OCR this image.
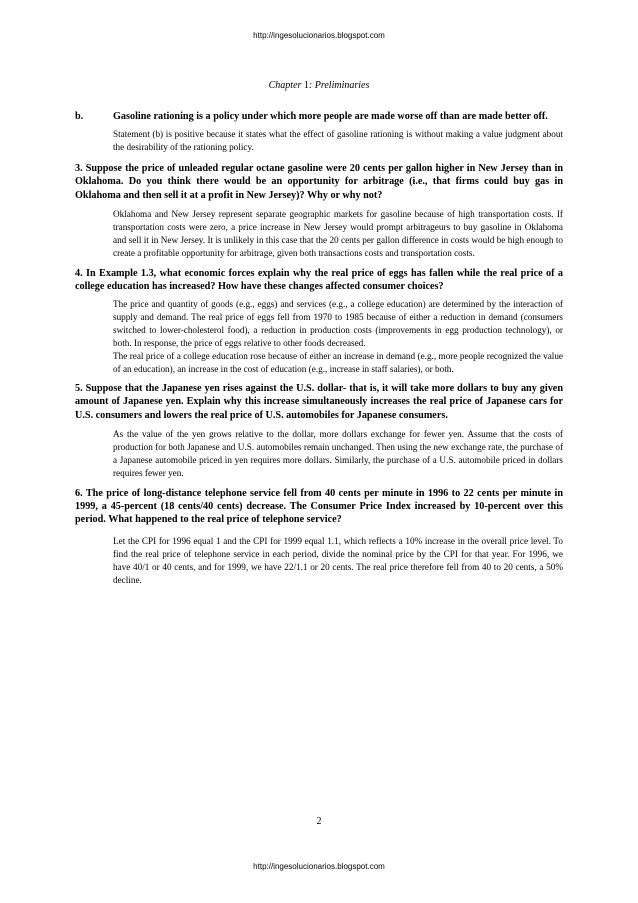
http://ingesolucionarios.blogspot.com
Chapter 1: Preliminaries
b.	Gasoline rationing is a policy under which more people are made worse off than are made better off.

Statement (b) is positive because it states what the effect of gasoline rationing is without making a value judgment about the desirability of the rationing policy.

3. Suppose the price of unleaded regular octane gasoline were 20 cents per gallon higher in New Jersey than in Oklahoma. Do you think there would be an opportunity for arbitrage (i.e., that firms could buy gas in Oklahoma and then sell it at a profit in New Jersey)? Why or why not?

Oklahoma and New Jersey represent separate geographic markets for gasoline because of high transportation costs. If transportation costs were zero, a price increase in New Jersey would prompt arbitrageurs to buy gasoline in Oklahoma and sell it in New Jersey. It is unlikely in this case that the 20 cents per gallon difference in costs would be high enough to create a profitable opportunity for arbitrage, given both transactions costs and transportation costs.

4. In Example 1.3, what economic forces explain why the real price of eggs has fallen while the real price of a college education has increased? How have these changes affected consumer choices?

The price and quantity of goods (e.g., eggs) and services (e.g., a college education) are determined by the interaction of supply and demand. The real price of eggs fell from 1970 to 1985 because of either a reduction in demand (consumers switched to lower-cholesterol food), a reduction in production costs (improvements in egg production technology), or both. In response, the price of eggs relative to other foods decreased.

The real price of a college education rose because of either an increase in demand (e.g., more people recognized the value of an education), an increase in the cost of education (e.g., increase in staff salaries), or both.

5. Suppose that the Japanese yen rises against the U.S. dollar- that is, it will take more dollars to buy any given amount of Japanese yen. Explain why this increase simultaneously increases the real price of Japanese cars for U.S. consumers and lowers the real price of U.S. automobiles for Japanese consumers.

As the value of the yen grows relative to the dollar, more dollars exchange for fewer yen. Assume that the costs of production for both Japanese and U.S. automobiles remain unchanged. Then using the new exchange rate, the purchase of a Japanese automobile priced in yen requires more dollars. Similarly, the purchase of a U.S. automobile priced in dollars requires fewer yen.

6. The price of long-distance telephone service fell from 40 cents per minute in 1996 to 22 cents per minute in 1999, a 45-percent (18 cents/40 cents) decrease. The Consumer Price Index increased by 10-percent over this period. What happened to the real price of telephone service?

Let the CPI for 1996 equal 1 and the CPI for 1999 equal 1.1, which reflects a 10% increase in the overall price level. To find the real price of telephone service in each period, divide the nominal price by the CPI for that year. For 1996, we have 40/1 or 40 cents, and for 1999, we have 22/1.1 or 20 cents. The real price therefore fell from 40 to 20 cents, a 50% decline.

2
http://ingesolucionarios.blogspot.com
